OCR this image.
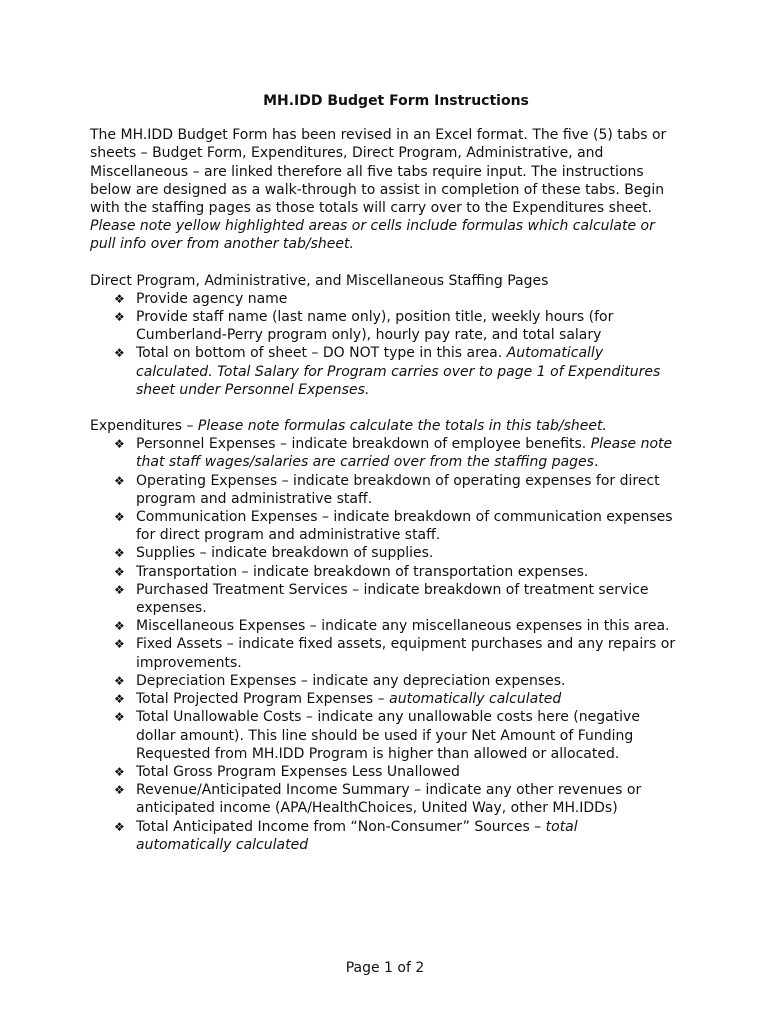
MH.IDD Budget Form Instructions

The MH.IDD Budget Form has been revised in an Excel format. The five (5) tabs or sheets – Budget Form, Expenditures, Direct Program, Administrative, and Miscellaneous – are linked therefore all five tabs require input. The instructions below are designed as a walk-through to assist in completion of these tabs. Begin with the staffing pages as those totals will carry over to the Expenditures sheet. Please note yellow highlighted areas or cells include formulas which calculate or pull info over from another tab/sheet.

Direct Program, Administrative, and Miscellaneous Staffing Pages

❖ Provide agency name
❖ Provide staff name (last name only), position title, weekly hours (for Cumberland-Perry program only), hourly pay rate, and total salary
❖ Total on bottom of sheet – DO NOT type in this area. Automatically calculated. Total Salary for Program carries over to page 1 of Expenditures sheet under Personnel Expenses.

Expenditures – Please note formulas calculate the totals in this tab/sheet.

❖ Personnel Expenses – indicate breakdown of employee benefits. Please note that staff wages/salaries are carried over from the staffing pages.
❖ Operating Expenses – indicate breakdown of operating expenses for direct program and administrative staff.
❖ Communication Expenses – indicate breakdown of communication expenses for direct program and administrative staff.
❖ Supplies – indicate breakdown of supplies.
❖ Transportation – indicate breakdown of transportation expenses.
❖ Purchased Treatment Services – indicate breakdown of treatment service expenses.
❖ Miscellaneous Expenses – indicate any miscellaneous expenses in this area.
❖ Fixed Assets – indicate fixed assets, equipment purchases and any repairs or improvements.
❖ Depreciation Expenses – indicate any depreciation expenses.
❖ Total Projected Program Expenses – automatically calculated
❖ Total Unallowable Costs – indicate any unallowable costs here (negative dollar amount). This line should be used if your Net Amount of Funding Requested from MH.IDD Program is higher than allowed or allocated.
❖ Total Gross Program Expenses Less Unallowed
❖ Revenue/Anticipated Income Summary – indicate any other revenues or anticipated income (APA/HealthChoices, United Way, other MH.IDDs)
❖ Total Anticipated Income from “Non-Consumer” Sources – total automatically calculated
Page 1 of 2
